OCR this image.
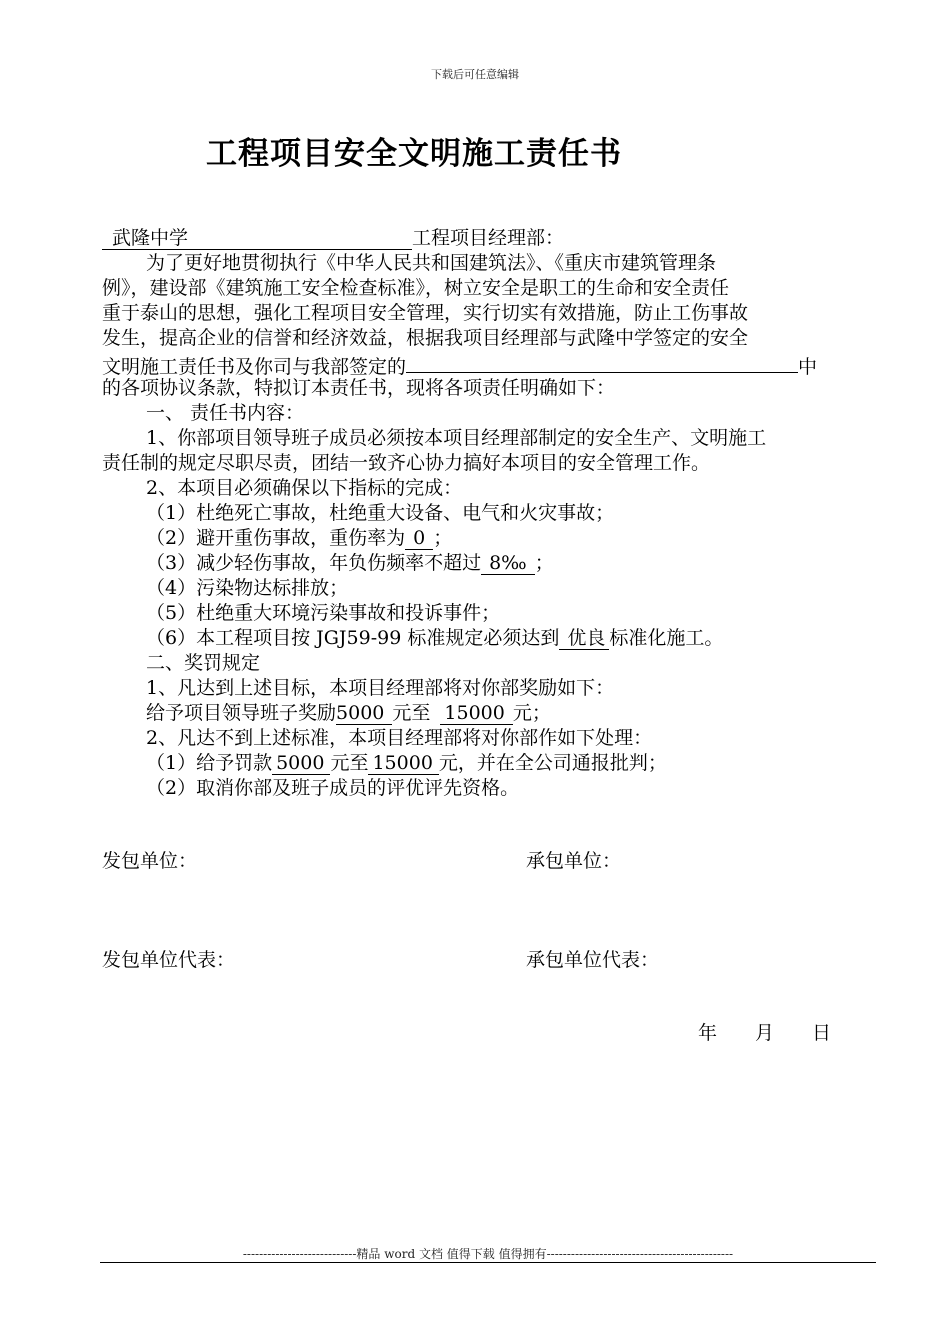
下载后可任意编辑
工程项目安全文明施工责任书
武隆中学	工程项目经理部：
为了更好地贯彻执行《中华人民共和国建筑法》、《重庆市建筑管理条
例》，建设部《建筑施工安全检查标准》，树立安全是职工的生命和安全责任
重于泰山的思想，强化工程项目安全管理，实行切实有效措施，防止工伤事故
发生，提高企业的信誉和经济效益，根据我项目经理部与武隆中学签定的安全
文明施工责任书及你司与我部签定的	中
的各项协议条款，特拟订本责任书，现将各项责任明确如下：
一、 责任书内容：
1、你部项目领导班子成员必须按本项目经理部制定的安全生产、文明施工
责任制的规定尽职尽责，团结一致齐心协力搞好本项目的安全管理工作。
2、本项目必须确保以下指标的完成：
（1）杜绝死亡事故，杜绝重大设备、电气和火灾事故；
（2）避开重伤事故，重伤率为 0 ；
（3）减少轻伤事故，年负伤频率不超过 8‰ ；
（4）污染物达标排放；
（5）杜绝重大环境污染事故和投诉事件；
（6）本工程项目按 JGJ59-99 标准规定必须达到 优良 标准化施工。
二、奖罚规定
1、凡达到上述目标，本项目经理部将对你部奖励如下：
给予项目领导班子奖励5000 元至 15000 元；
2、凡达不到上述标准，本项目经理部将对你部作如下处理：
（1）给予罚款 5000 元至 15000 元，并在全公司通报批判；
（2）取消你部及班子成员的评优评先资格。
发包单位：	承包单位：
发包单位代表：	承包单位代表：
年 月 日
----------------------------精品 word 文档 值得下载 值得拥有----------------------------------------------
